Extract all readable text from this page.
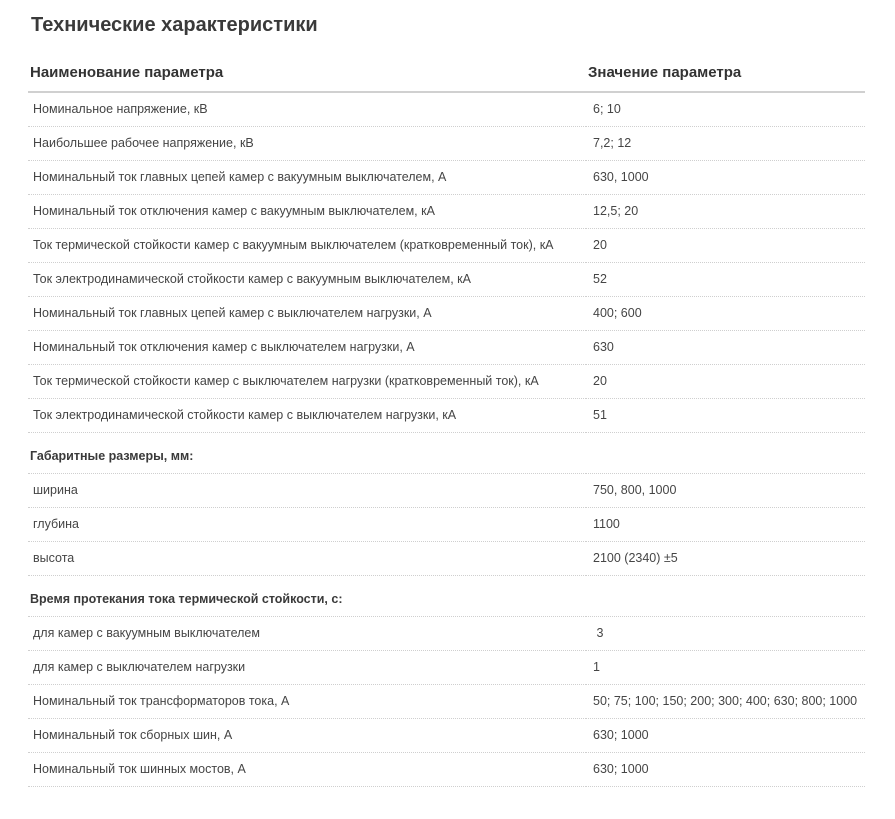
Технические характеристики
Наименование параметра	Значение параметра
Номинальное напряжение, кВ	6; 10
Наибольшее рабочее напряжение, кВ	7,2; 12
Номинальный ток главных цепей камер с вакуумным выключателем, А	630, 1000
Номинальный ток отключения камер с вакуумным выключателем, кА	12,5; 20
Ток термической стойкости камер с вакуумным выключателем (кратковременный ток), кА	20
Ток электродинамической стойкости камер с вакуумным выключателем, кА	52
Номинальный ток главных цепей камер с выключателем нагрузки, А	400; 600
Номинальный ток отключения камер с выключателем нагрузки, А	630
Ток термической стойкости камер с выключателем нагрузки (кратковременный ток), кА	20
Ток электродинамической стойкости камер с выключателем нагрузки, кА	51
Габаритные размеры, мм:	
ширина	750, 800, 1000
глубина	1100
высота	2100 (2340) ±5
Время протекания тока термической стойкости, с:	
для камер с вакуумным выключателем	3
для камер с выключателем нагрузки	1
Номинальный ток трансформаторов тока, А	50; 75; 100; 150; 200; 300; 400; 630; 800; 1000
Номинальный ток сборных шин, А	630; 1000
Номинальный ток шинных мостов, А	630; 1000
